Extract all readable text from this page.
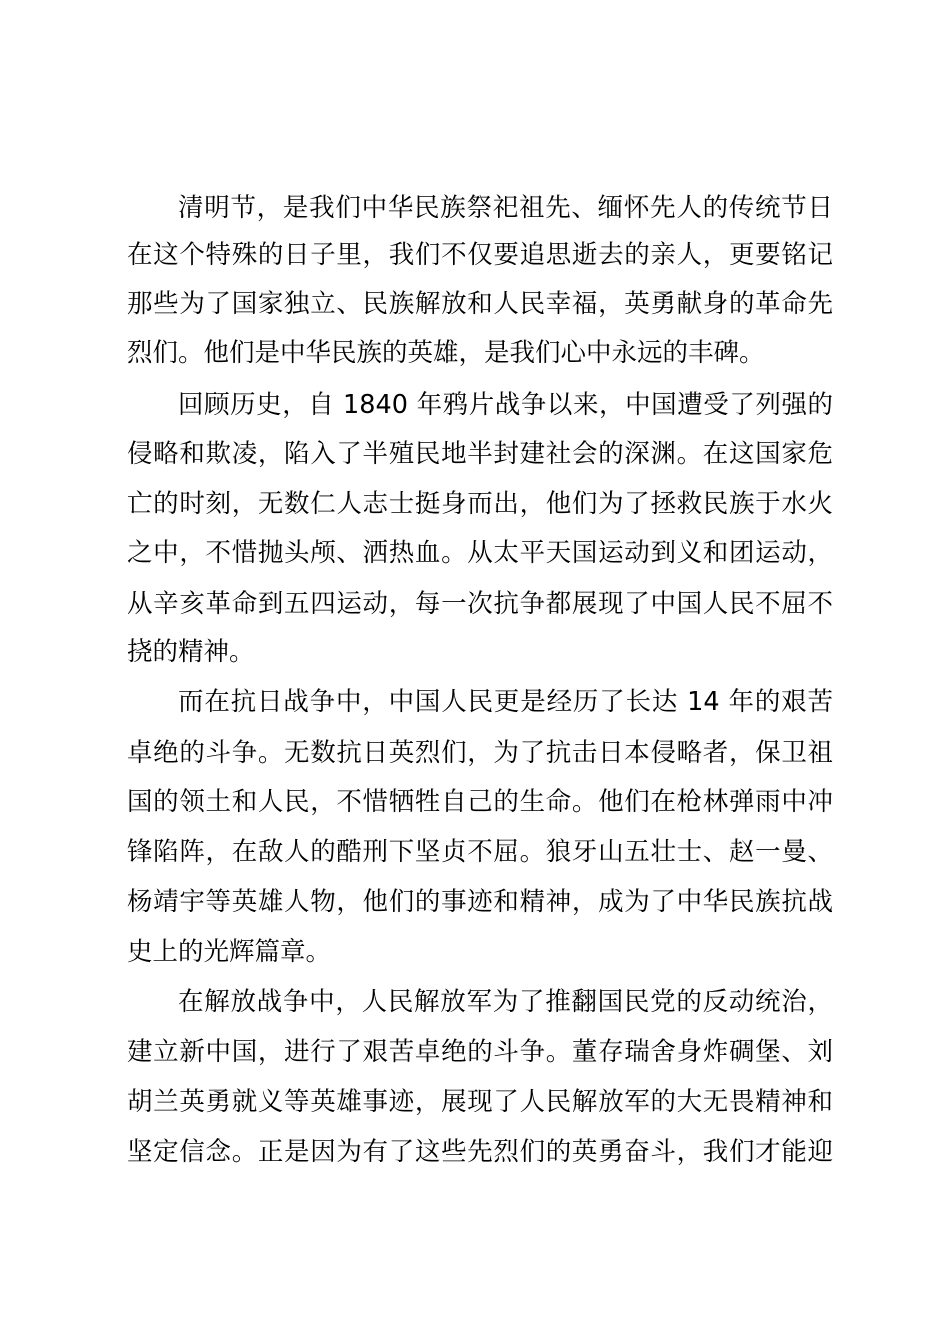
清明节，是我们中华民族祭祀祖先、缅怀先人的传统节日
在这个特殊的日子里，我们不仅要追思逝去的亲人，更要铭记
那些为了国家独立、民族解放和人民幸福，英勇献身的革命先
烈们。他们是中华民族的英雄，是我们心中永远的丰碑。
回顾历史，自 1840 年鸦片战争以来，中国遭受了列强的
侵略和欺凌，陷入了半殖民地半封建社会的深渊。在这国家危
亡的时刻，无数仁人志士挺身而出，他们为了拯救民族于水火
之中，不惜抛头颅、洒热血。从太平天国运动到义和团运动，
从辛亥革命到五四运动，每一次抗争都展现了中国人民不屈不
挠的精神。
而在抗日战争中，中国人民更是经历了长达 14 年的艰苦
卓绝的斗争。无数抗日英烈们，为了抗击日本侵略者，保卫祖
国的领土和人民，不惜牺牲自己的生命。他们在枪林弹雨中冲
锋陷阵，在敌人的酷刑下坚贞不屈。狼牙山五壮士、赵一曼、
杨靖宇等英雄人物，他们的事迹和精神，成为了中华民族抗战
史上的光辉篇章。
在解放战争中，人民解放军为了推翻国民党的反动统治，
建立新中国，进行了艰苦卓绝的斗争。董存瑞舍身炸碉堡、刘
胡兰英勇就义等英雄事迹，展现了人民解放军的大无畏精神和
坚定信念。正是因为有了这些先烈们的英勇奋斗，我们才能迎
